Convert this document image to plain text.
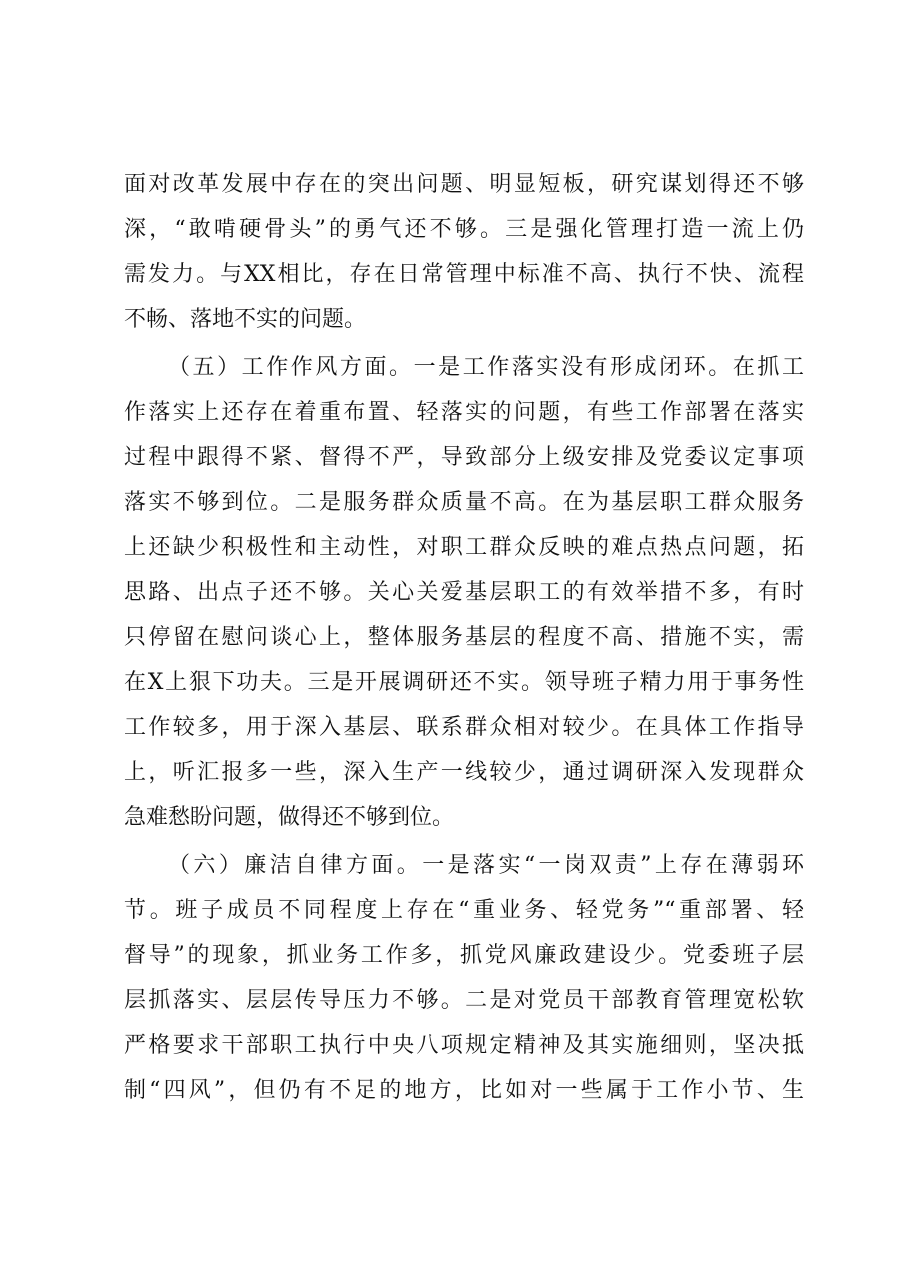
面对改革发展中存在的突出问题、明显短板，研究谋划得还不够
深，“敢啃硬骨头”的勇气还不够。三是强化管理打造一流上仍
需发力。与XX相比，存在日常管理中标准不高、执行不快、流程
不畅、落地不实的问题。
（五）工作作风方面。一是工作落实没有形成闭环。在抓工
作落实上还存在着重布置、轻落实的问题，有些工作部署在落实
过程中跟得不紧、督得不严，导致部分上级安排及党委议定事项
落实不够到位。二是服务群众质量不高。在为基层职工群众服务
上还缺少积极性和主动性，对职工群众反映的难点热点问题，拓
思路、出点子还不够。关心关爱基层职工的有效举措不多，有时
只停留在慰问谈心上，整体服务基层的程度不高、措施不实，需
在X上狠下功夫。三是开展调研还不实。领导班子精力用于事务性
工作较多，用于深入基层、联系群众相对较少。在具体工作指导
上，听汇报多一些，深入生产一线较少，通过调研深入发现群众
急难愁盼问题，做得还不够到位。
（六）廉洁自律方面。一是落实“一岗双责”上存在薄弱环
节。班子成员不同程度上存在“重业务、轻党务”“重部署、轻
督导”的现象，抓业务工作多，抓党风廉政建设少。党委班子层
层抓落实、层层传导压力不够。二是对党员干部教育管理宽松软
严格要求干部职工执行中央八项规定精神及其实施细则，坚决抵
制“四风”，但仍有不足的地方，比如对一些属于工作小节、生
